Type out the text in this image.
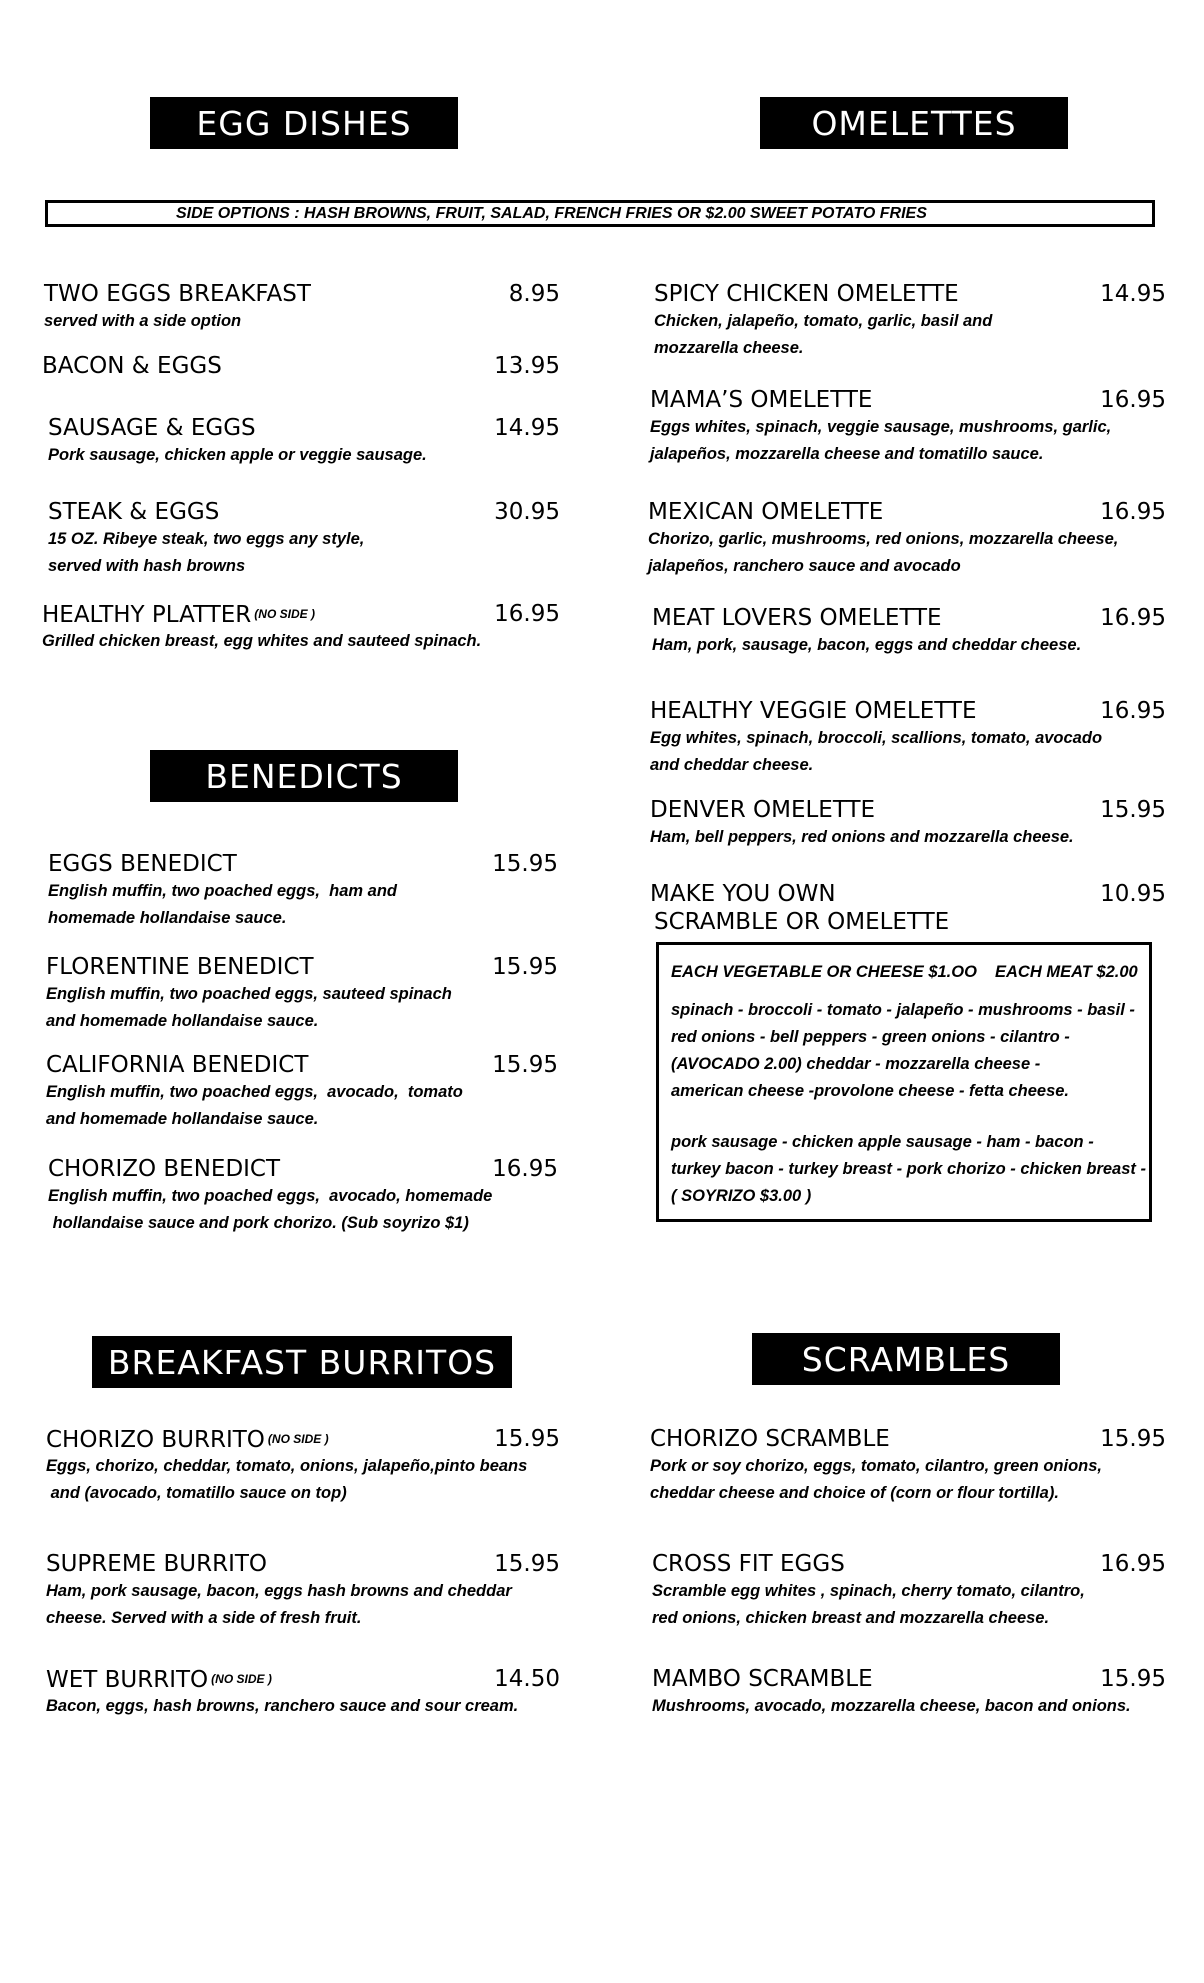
EGG DISHES	OMELETTES
BENEDICTS
BREAKFAST BURRITOS	SCRAMBLES
SIDE OPTIONS : HASH BROWNS, FRUIT, SALAD, FRENCH FRIES OR $2.00 SWEET POTATO FRIES
TWO EGGS BREAKFAST	8.95
served with a side option
BACON & EGGS	13.95
SAUSAGE & EGGS	14.95
Pork sausage, chicken apple or veggie sausage.
STEAK & EGGS	30.95
15 OZ. Ribeye steak, two eggs any style,
served with hash browns
HEALTHY PLATTER (NO SIDE )	16.95
Grilled chicken breast, egg whites and sauteed spinach.
SPICY CHICKEN OMELETTE	14.95
Chicken, jalapeño, tomato, garlic, basil and
mozzarella cheese.
MAMA’S OMELETTE	16.95
Eggs whites, spinach, veggie sausage, mushrooms, garlic,
jalapeños, mozzarella cheese and tomatillo sauce.
MEXICAN OMELETTE	16.95
Chorizo, garlic, mushrooms, red onions, mozzarella cheese,
jalapeños, ranchero sauce and avocado
MEAT LOVERS OMELETTE	16.95
Ham, pork, sausage, bacon, eggs and cheddar cheese.
HEALTHY VEGGIE OMELETTE	16.95
Egg whites, spinach, broccoli, scallions, tomato, avocado
and cheddar cheese.
DENVER OMELETTE	15.95
Ham, bell peppers, red onions and mozzarella cheese.
MAKE YOU OWN
SCRAMBLE OR OMELETTE
10.95
EGGS BENEDICT	15.95
English muffin, two poached eggs,  ham and
homemade hollandaise sauce.
FLORENTINE BENEDICT	15.95
English muffin, two poached eggs, sauteed spinach
and homemade hollandaise sauce.
CALIFORNIA BENEDICT	15.95
English muffin, two poached eggs,  avocado,  tomato
and homemade hollandaise sauce.
CHORIZO BENEDICT	16.95
English muffin, two poached eggs,  avocado, homemade
hollandaise sauce and pork chorizo. (Sub soyrizo $1)
CHORIZO BURRITO (NO SIDE )	15.95
Eggs, chorizo, cheddar, tomato, onions, jalapeño,pinto beans
and (avocado, tomatillo sauce on top)
SUPREME BURRITO	15.95
Ham, pork sausage, bacon, eggs hash browns and cheddar
cheese. Served with a side of fresh fruit.
WET BURRITO (NO SIDE )	14.50
Bacon, eggs, hash browns, ranchero sauce and sour cream.
CHORIZO SCRAMBLE	15.95
Pork or soy chorizo, eggs, tomato, cilantro, green onions,
cheddar cheese and choice of (corn or flour tortilla).
CROSS FIT EGGS	16.95
Scramble egg whites , spinach, cherry tomato, cilantro,
red onions, chicken breast and mozzarella cheese.
MAMBO SCRAMBLE	15.95
Mushrooms, avocado, mozzarella cheese, bacon and onions.
EACH VEGETABLE OR CHEESE $1.OO EACH MEAT $2.00
spinach - broccoli - tomato - jalapeño - mushrooms - basil -
red onions - bell peppers - green onions - cilantro -
(AVOCADO 2.00) cheddar - mozzarella cheese -
american cheese -provolone cheese - fetta cheese.
pork sausage - chicken apple sausage - ham - bacon -
turkey bacon - turkey breast - pork chorizo - chicken breast -
( SOYRIZO $3.00 )
